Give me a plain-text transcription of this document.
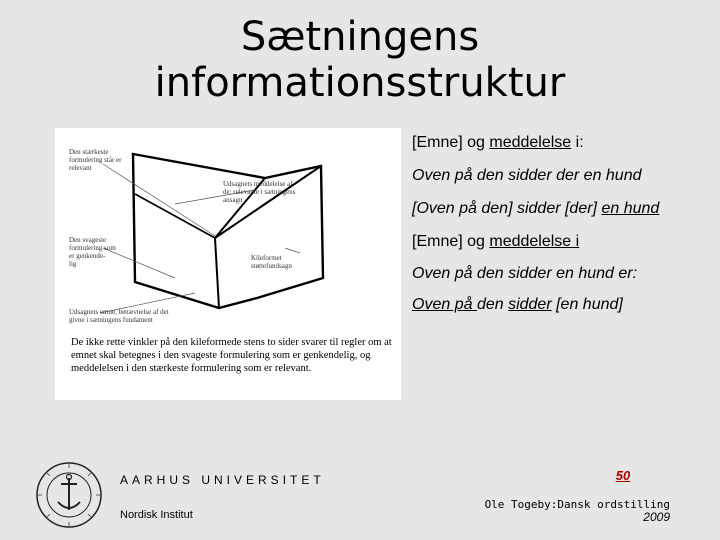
Sætningens
informationsstruktur
Den stærkeste
formulering står er
relevant
Udsagnets meddelelse af
de: relevante i sætningens
ansagn
Den svageste
formulering som
er genkende-
lig
Kileformet
støttefundsagn
Udsagnets emne, benævnelse af det
givne i sætningens fundament
De ikke rette vinkler på den kileformede stens to sider svarer til regler om at emnet skal betegnes i den svageste formulering som er genkendelig, og meddelelsen i den stærkeste formulering som er relevant.
[Emne] og meddelelse i:
Oven på den sidder der en hund
[Oven på den] sidder [der] en hund
[Emne] og meddelelse i
Oven på den sidder en hund er:
Oven på den sidder [en hund]
AARHUS UNIVERSITET
Nordisk Institut
50
Ole Togeby:Dansk ordstilling
2009
